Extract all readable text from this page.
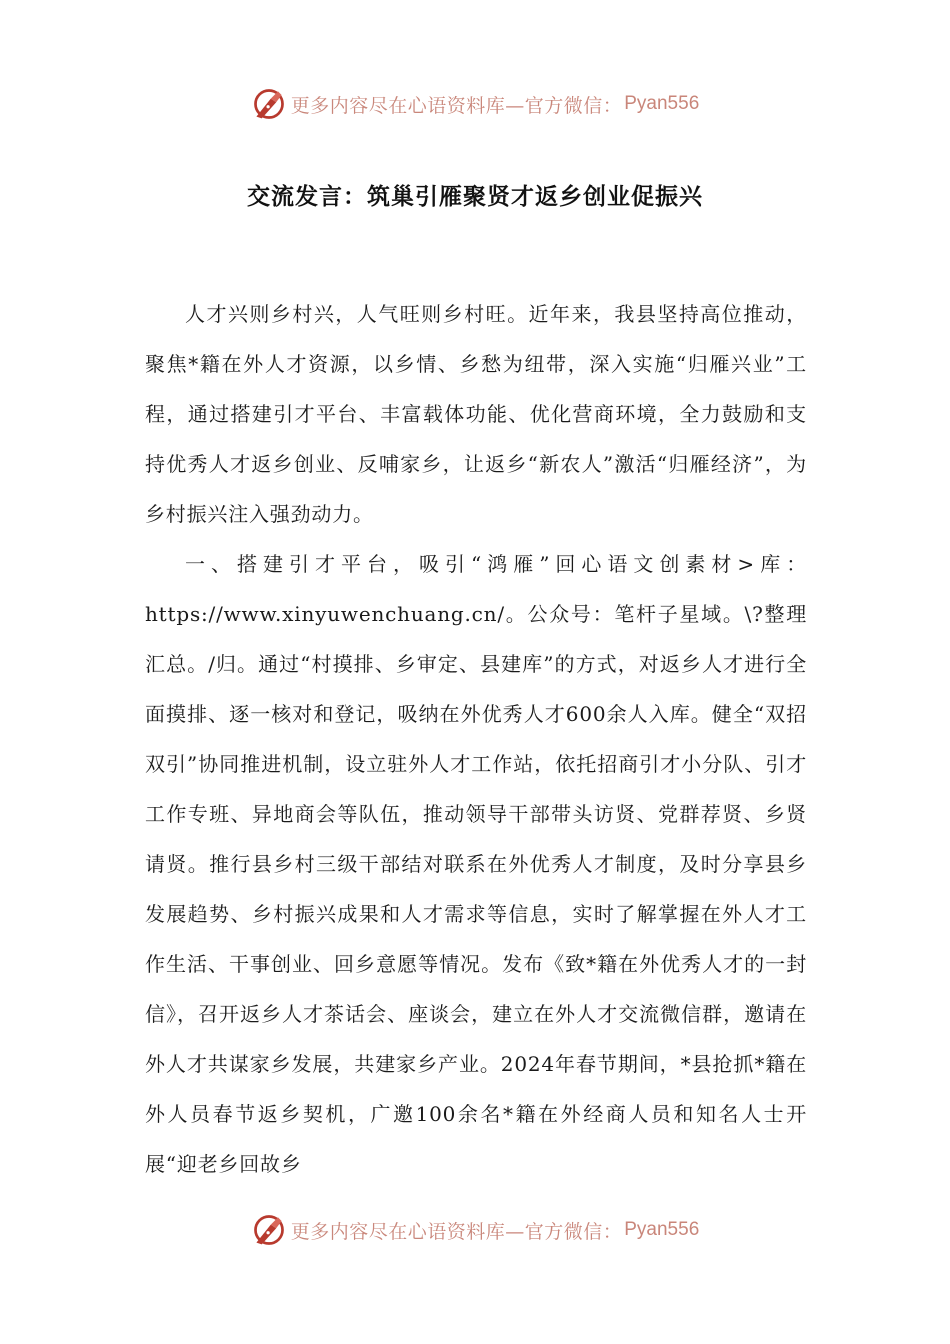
更多内容尽在心语资料库—官方微信： Pyan556
交流发言：筑巢引雁聚贤才返乡创业促振兴

人才兴则乡村兴，人气旺则乡村旺。近年来，我县坚持高位推动，聚焦*籍在外人才资源，以乡情、乡愁为纽带，深入实施“归雁兴业”工程，通过搭建引才平台、丰富载体功能、优化营商环境，全力鼓励和支持优秀人才返乡创业、反哺家乡，让返乡“新农人”激活“归雁经济”，为乡村振兴注入强劲动力。

一、搭建引才平台，吸引“鸿雁”回心语文创素材>库：https://www.xinyuwenchuang.cn/。公众号：笔杆子星域。\?整理汇总。/归。通过“村摸排、乡审定、县建库”的方式，对返乡人才进行全面摸排、逐一核对和登记，吸纳在外优秀人才600余人入库。健全“双招双引”协同推进机制，设立驻外人才工作站，依托招商引才小分队、引才工作专班、异地商会等队伍，推动领导干部带头访贤、党群荐贤、乡贤请贤。推行县乡村三级干部结对联系在外优秀人才制度，及时分享县乡发展趋势、乡村振兴成果和人才需求等信息，实时了解掌握在外人才工作生活、干事创业、回乡意愿等情况。发布《致*籍在外优秀人才的一封信》，召开返乡人才茶话会、座谈会，建立在外人才交流微信群，邀请在外人才共谋家乡发展，共建家乡产业。2024年春节期间，*县抢抓*籍在外人员春节返乡契机，广邀100余名*籍在外经商人员和知名人士开展“迎老乡回故乡

更多内容尽在心语资料库—官方微信： Pyan556
